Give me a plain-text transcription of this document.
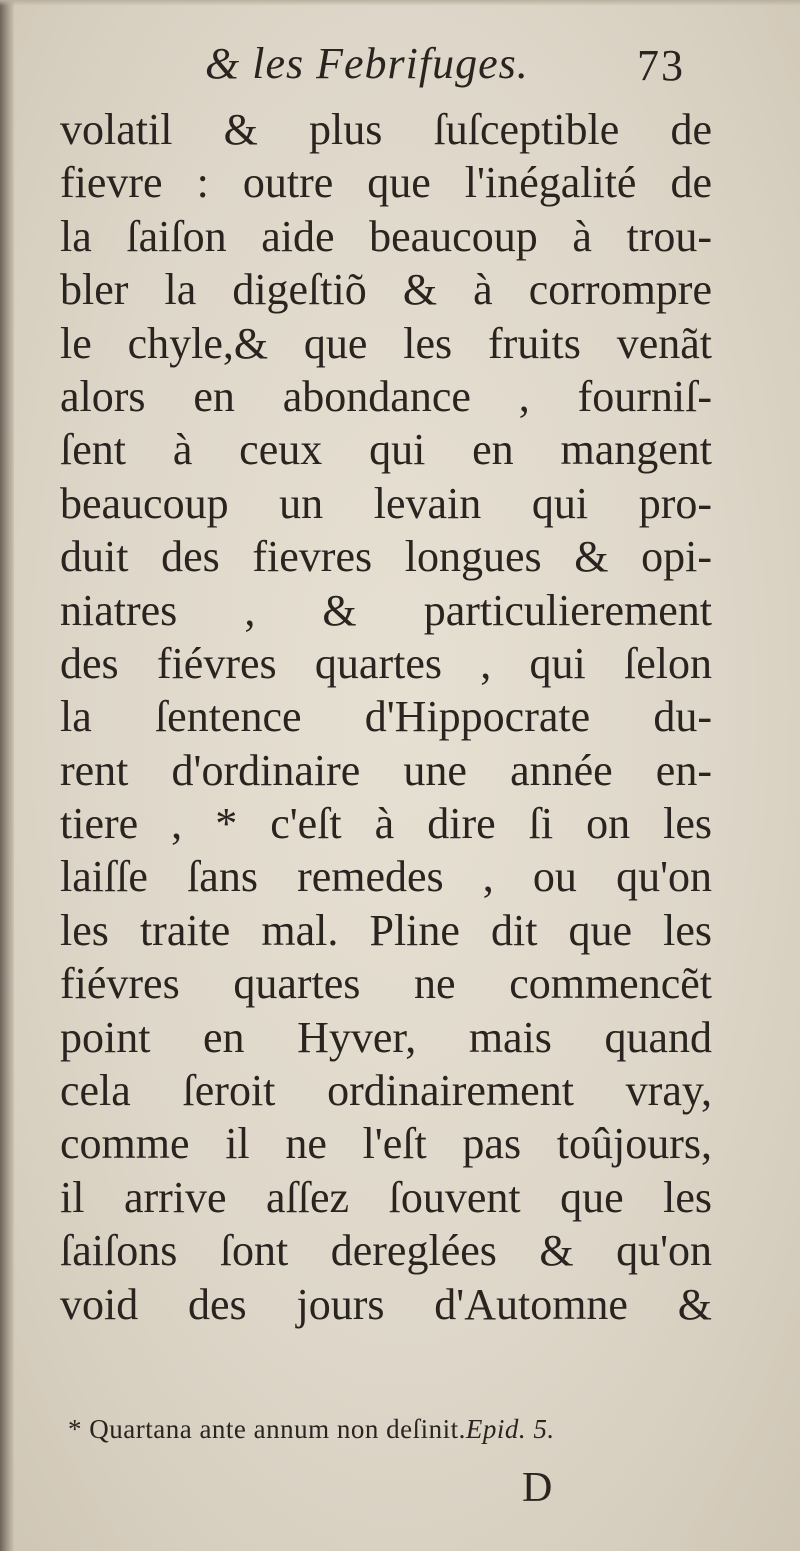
& les Febrifuges. 73
volatil & plus ſuſceptible de
fievre : outre que l'inégalité de
la ſaiſon aide beaucoup à trou-
bler la digeſtiõ & à corrompre
le chyle,& que les fruits venãt
alors en abondance , fourniſ-
ſent à ceux qui en mangent
beaucoup un levain qui pro-
duit des fievres longues & opi-
niatres , & particulierement
des fiévres quartes , qui ſelon
la ſentence d'Hippocrate du-
rent d'ordinaire une année en-
tiere , * c'eſt à dire ſi on les
laiſſe ſans remedes , ou qu'on
les traite mal. Pline dit que les
fiévres quartes ne commencẽt
point en Hyver, mais quand
cela ſeroit ordinairement vray,
comme il ne l'eſt pas toûjours,
il arrive aſſez ſouvent que les
ſaiſons ſont dereglées & qu'on
void des jours d'Automne &
* Quartana ante annum non deſinit.Epid. 5.
D
